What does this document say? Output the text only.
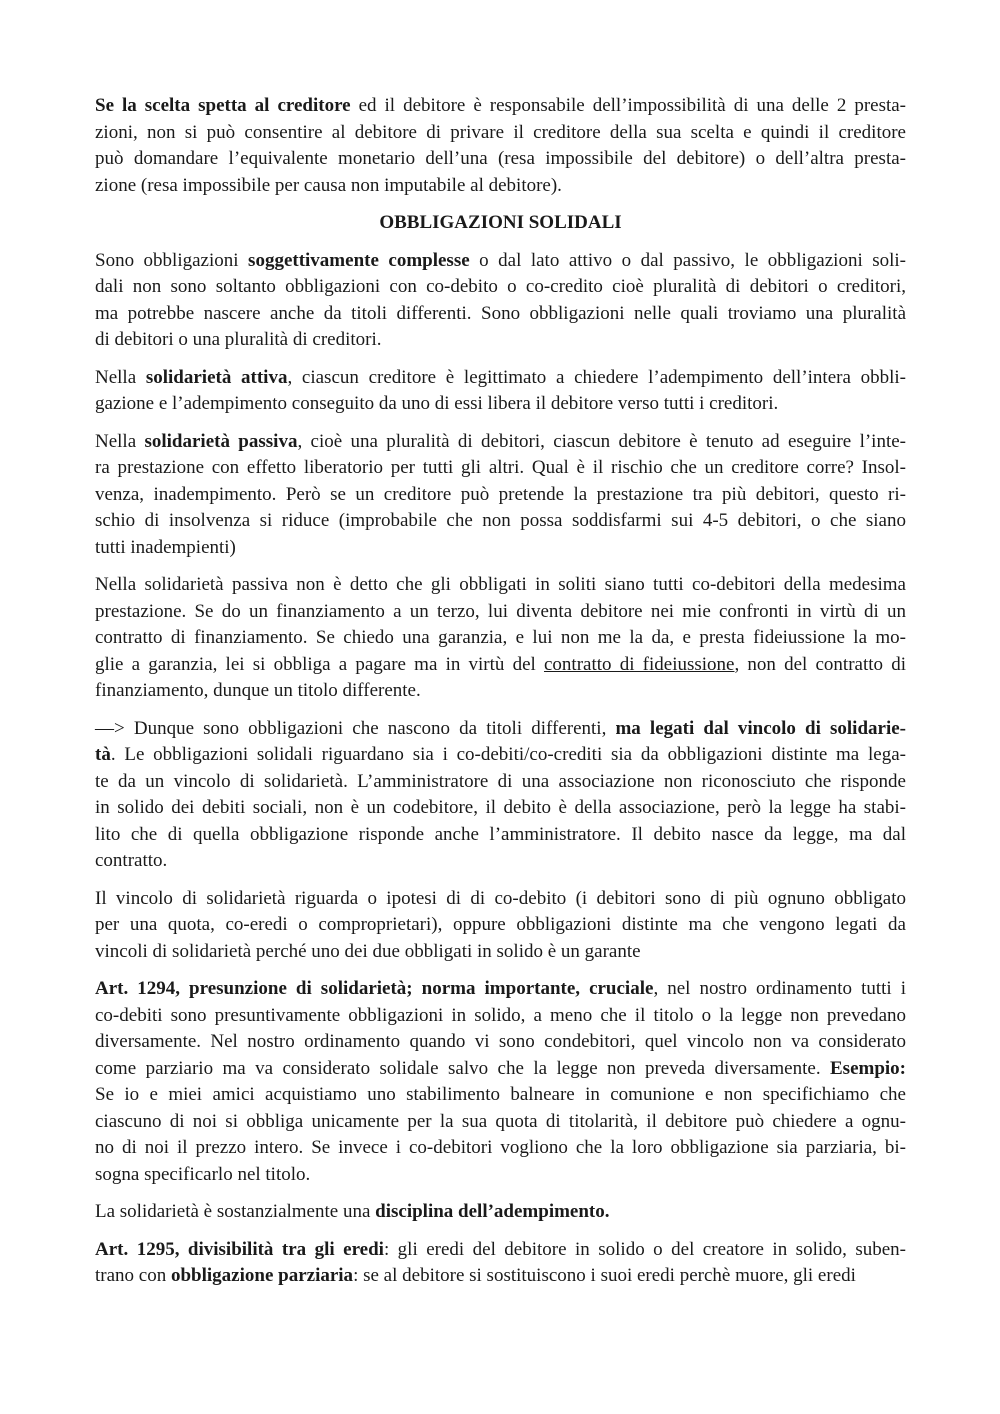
Se la scelta spetta al creditore ed il debitore è responsabile dell’impossibilità di una delle 2 presta-
zioni, non si può consentire al debitore di privare il creditore della sua scelta e quindi il creditore
può domandare l’equivalente monetario dell’una (resa impossibile del debitore) o dell’altra presta-
zione (resa impossibile per causa non imputabile al debitore).
OBBLIGAZIONI SOLIDALI
Sono obbligazioni soggettivamente complesse o dal lato attivo o dal passivo, le obbligazioni soli-
dali non sono soltanto obbligazioni con co-debito o co-credito cioè pluralità di debitori o creditori,
ma potrebbe nascere anche da titoli differenti. Sono obbligazioni nelle quali troviamo una pluralità
di debitori o una pluralità di creditori.
Nella solidarietà attiva, ciascun creditore è legittimato a chiedere l’adempimento dell’intera obbli-
gazione e l’adempimento conseguito da uno di essi libera il debitore verso tutti i creditori.
Nella solidarietà passiva, cioè una pluralità di debitori, ciascun debitore è tenuto ad eseguire l’inte-
ra prestazione con effetto liberatorio per tutti gli altri. Qual è il rischio che un creditore corre? Insol-
venza, inadempimento. Però se un creditore può pretende la prestazione tra più debitori, questo ri-
schio di insolvenza si riduce (improbabile che non possa soddisfarmi sui 4-5 debitori, o che siano
tutti inadempienti)
Nella solidarietà passiva non è detto che gli obbligati in soliti siano tutti co-debitori della medesima
prestazione. Se do un finanziamento a un terzo, lui diventa debitore nei mie confronti in virtù di un
contratto di finanziamento. Se chiedo una garanzia, e lui non me la da, e presta fideiussione la mo-
glie a garanzia, lei si obbliga a pagare ma in virtù del contratto di fideiussione, non del contratto di
finanziamento, dunque un titolo differente.
—> Dunque sono obbligazioni che nascono da titoli differenti, ma legati dal vincolo di solidarie-
tà. Le obbligazioni solidali riguardano sia i co-debiti/co-crediti sia da obbligazioni distinte ma lega-
te da un vincolo di solidarietà. L’amministratore di una associazione non riconosciuto che risponde
in solido dei debiti sociali, non è un codebitore, il debito è della associazione, però la legge ha stabi-
lito che di quella obbligazione risponde anche l’amministratore. Il debito nasce da legge, ma dal
contratto.
Il vincolo di solidarietà riguarda o ipotesi di di co-debito (i debitori sono di più ognuno obbligato
per una quota, co-eredi o comproprietari), oppure obbligazioni distinte ma che vengono legati da
vincoli di solidarietà perché uno dei due obbligati in solido è un garante
Art. 1294, presunzione di solidarietà; norma importante, cruciale, nel nostro ordinamento tutti i
co-debiti sono presuntivamente obbligazioni in solido, a meno che il titolo o la legge non prevedano
diversamente. Nel nostro ordinamento quando vi sono condebitori, quel vincolo non va considerato
come parziario ma va considerato solidale salvo che la legge non preveda diversamente. Esempio:
Se io e miei amici acquistiamo uno stabilimento balneare in comunione e non specifichiamo che
ciascuno di noi si obbliga unicamente per la sua quota di titolarità, il debitore può chiedere a ognu-
no di noi il prezzo intero. Se invece i co-debitori vogliono che la loro obbligazione sia parziaria, bi-
sogna specificarlo nel titolo.
La solidarietà è sostanzialmente una disciplina dell’adempimento.
Art. 1295, divisibilità tra gli eredi: gli eredi del debitore in solido o del creatore in solido, suben-
trano con obbligazione parziaria: se al debitore si sostituiscono i suoi eredi perchè muore, gli eredi
